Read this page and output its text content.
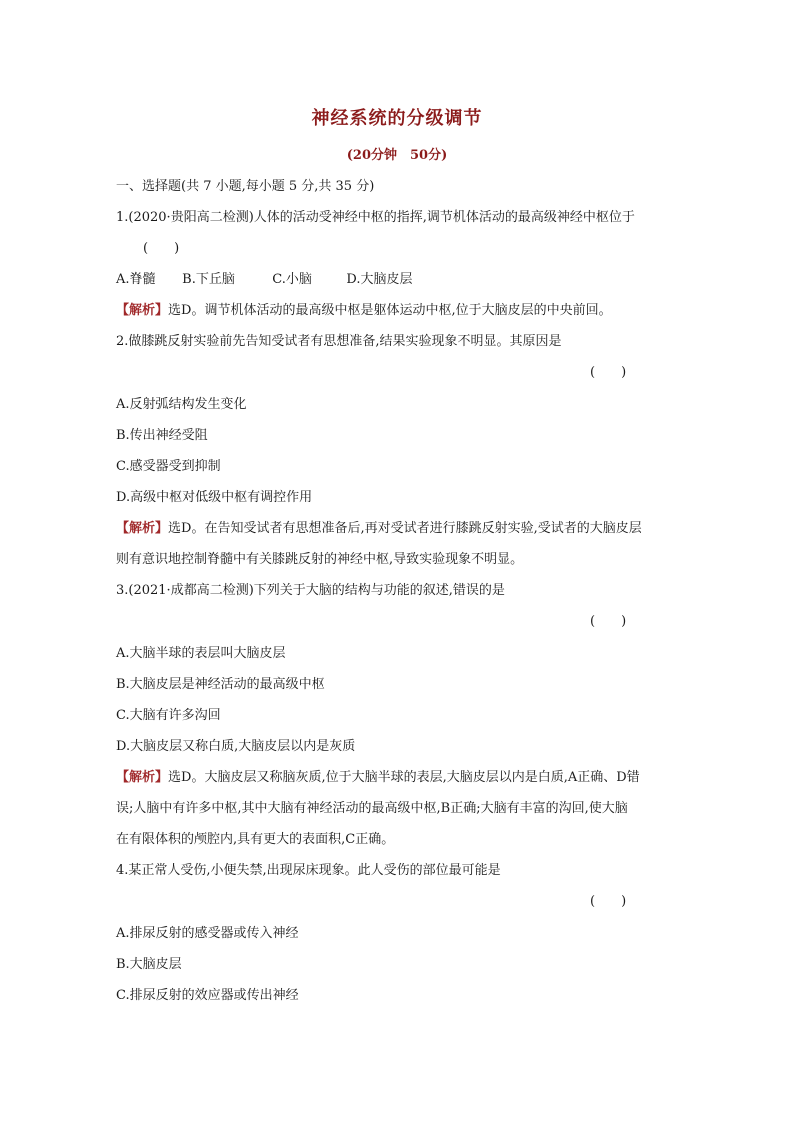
神经系统的分级调节
(20分钟　50分)
一、选择题(共 7 小题,每小题 5 分,共 35 分)
1.(2020·贵阳高二检测)人体的活动受神经中枢的指挥,调节机体活动的最高级神经中枢位于
(　　)
A.脊髓 B.下丘脑	C.小脑	D.大脑皮层
【解析】选D。调节机体活动的最高级中枢是躯体运动中枢,位于大脑皮层的中央前回。
2.做膝跳反射实验前先告知受试者有思想准备,结果实验现象不明显。其原因是
(　　)
A.反射弧结构发生变化
B.传出神经受阻
C.感受器受到抑制
D.高级中枢对低级中枢有调控作用
【解析】选D。在告知受试者有思想准备后,再对受试者进行膝跳反射实验,受试者的大脑皮层
则有意识地控制脊髓中有关膝跳反射的神经中枢,导致实验现象不明显。
3.(2021·成都高二检测)下列关于大脑的结构与功能的叙述,错误的是
(　　)
A.大脑半球的表层叫大脑皮层
B.大脑皮层是神经活动的最高级中枢
C.大脑有许多沟回
D.大脑皮层又称白质,大脑皮层以内是灰质
【解析】选D。大脑皮层又称脑灰质,位于大脑半球的表层,大脑皮层以内是白质,A正确、D错
误;人脑中有许多中枢,其中大脑有神经活动的最高级中枢,B正确;大脑有丰富的沟回,使大脑
在有限体积的颅腔内,具有更大的表面积,C正确。
4.某正常人受伤,小便失禁,出现尿床现象。此人受伤的部位最可能是
(　　)
A.排尿反射的感受器或传入神经
B.大脑皮层
C.排尿反射的效应器或传出神经
